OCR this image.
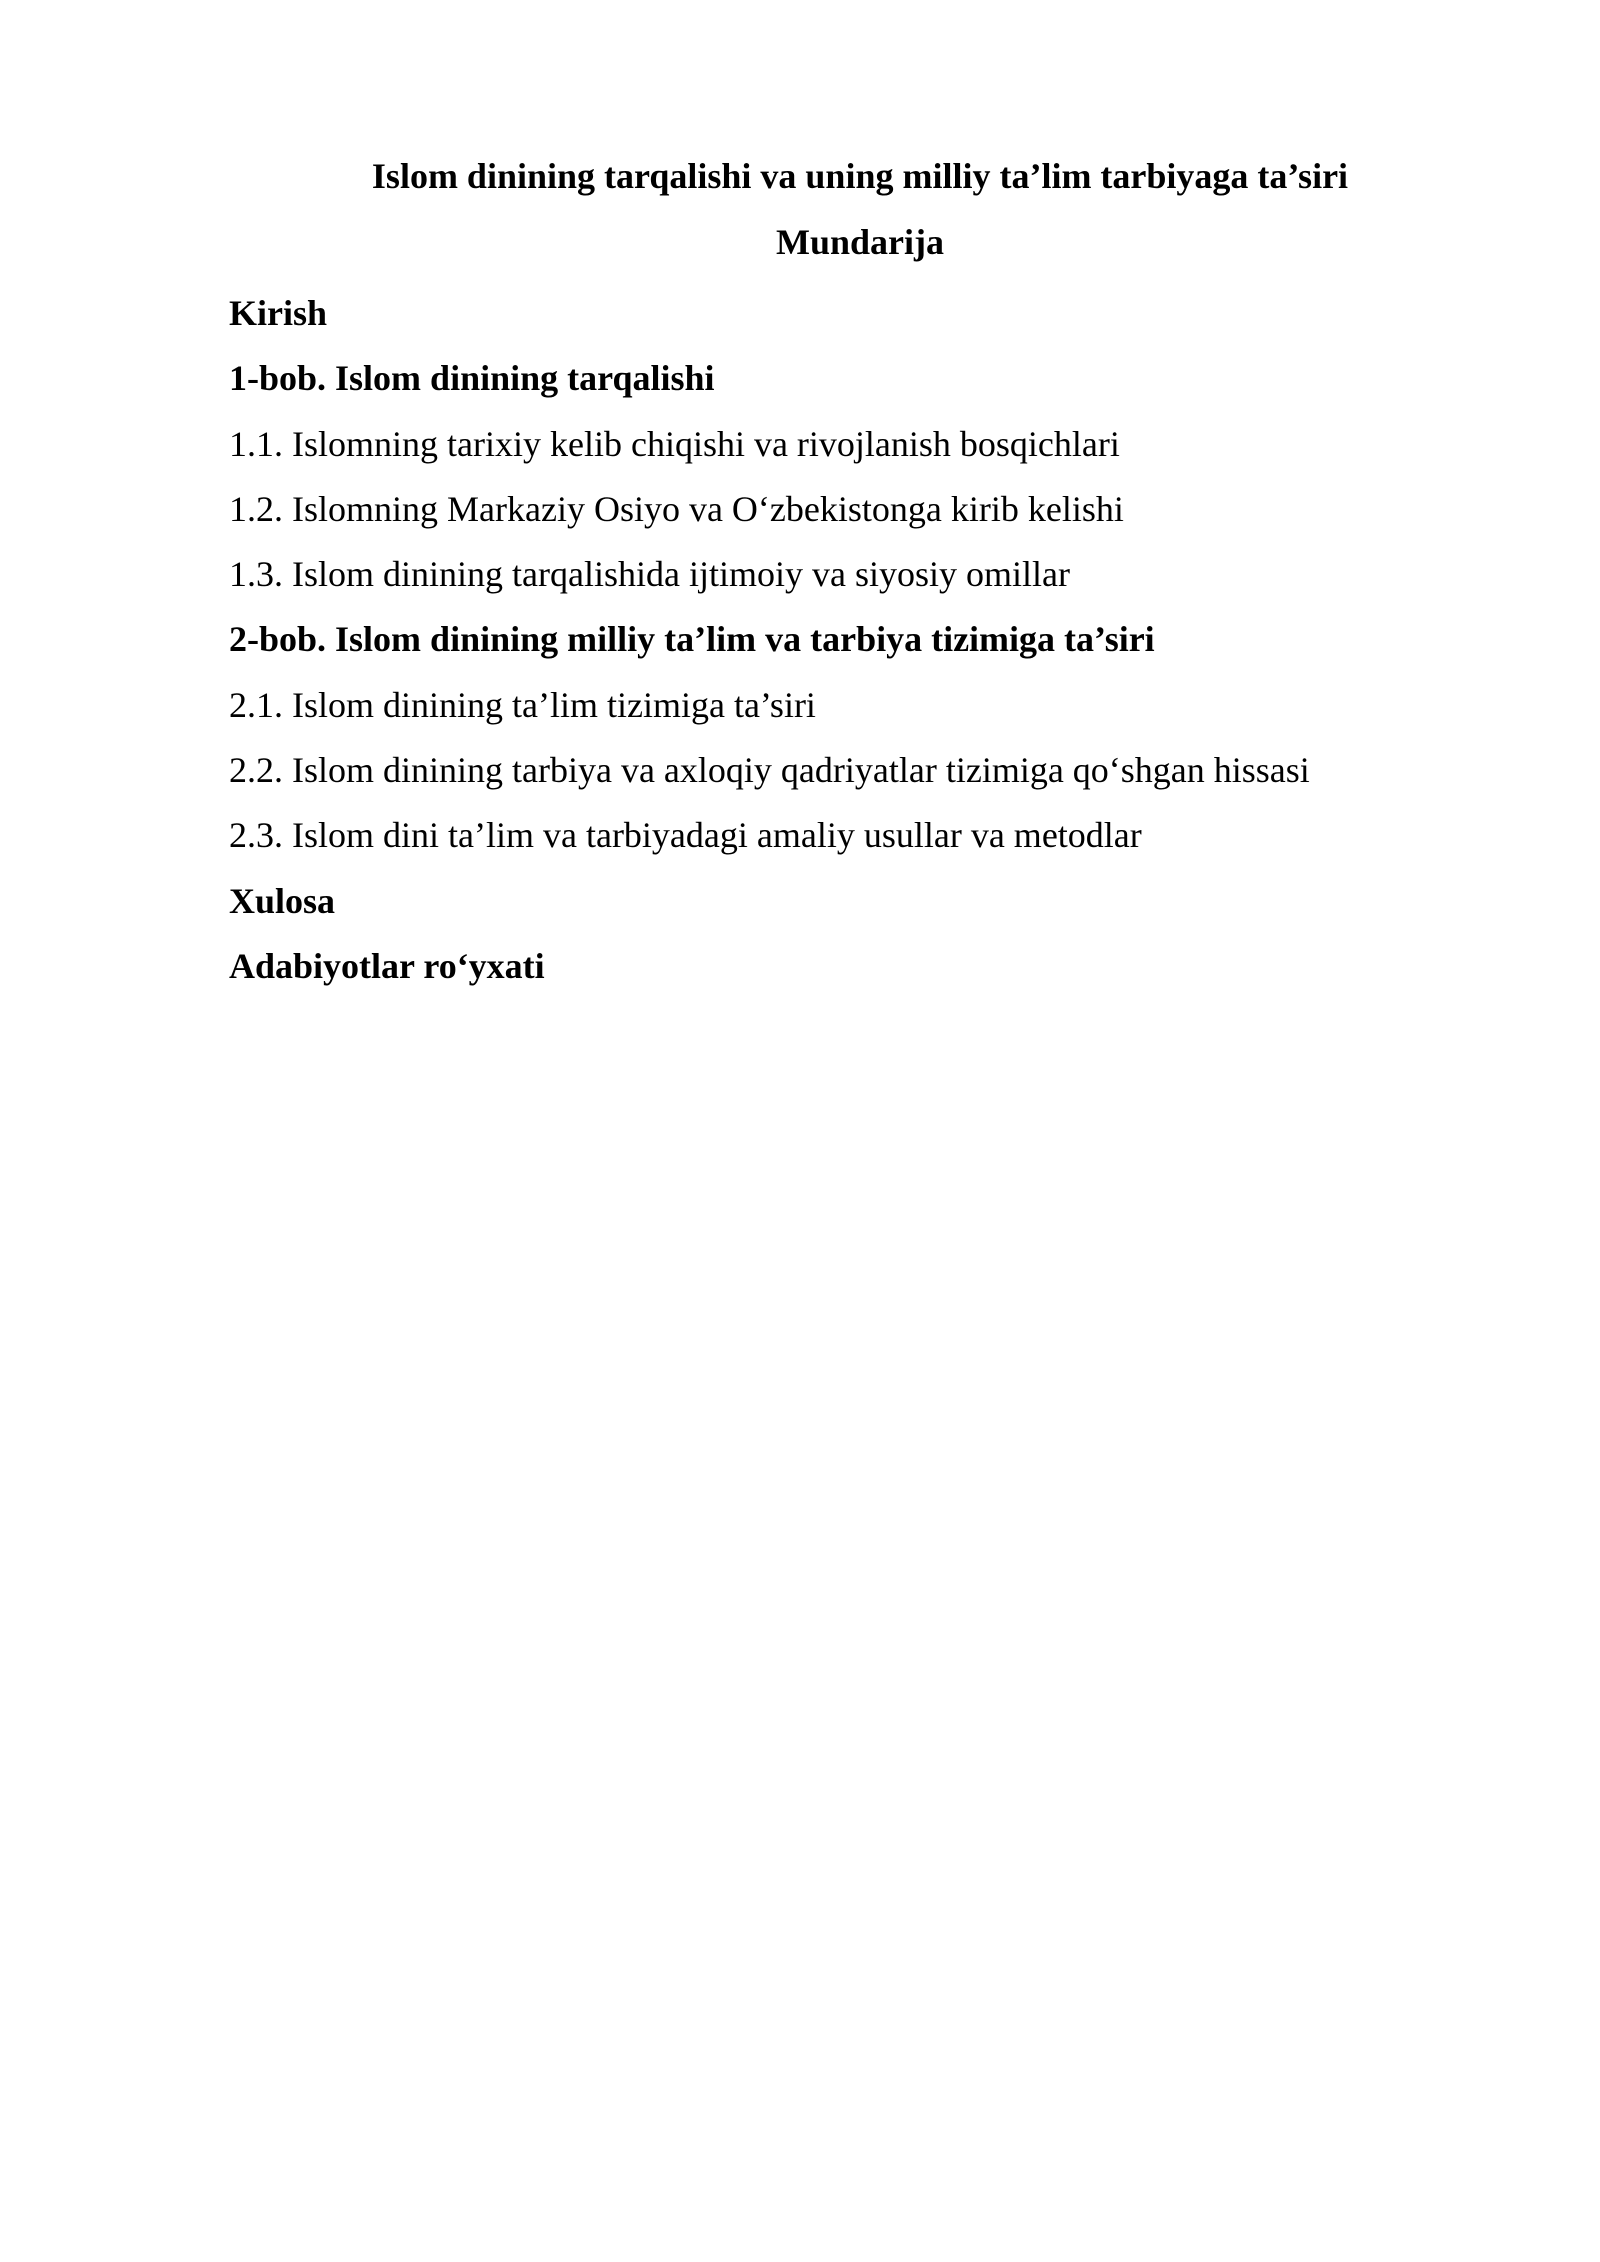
Islom dinining tarqalishi va uning milliy ta’lim tarbiyaga ta’siri
Mundarija
Kirish
1-bob. Islom dinining tarqalishi
1.1. Islomning tarixiy kelib chiqishi va rivojlanish bosqichlari
1.2. Islomning Markaziy Osiyo va O‘zbekistonga kirib kelishi
1.3. Islom dinining tarqalishida ijtimoiy va siyosiy omillar
2-bob. Islom dinining milliy ta’lim va tarbiya tizimiga ta’siri
2.1. Islom dinining ta’lim tizimiga ta’siri
2.2. Islom dinining tarbiya va axloqiy qadriyatlar tizimiga qo‘shgan hissasi
2.3. Islom dini ta’lim va tarbiyadagi amaliy usullar va metodlar
Xulosa
Adabiyotlar ro‘yxati
